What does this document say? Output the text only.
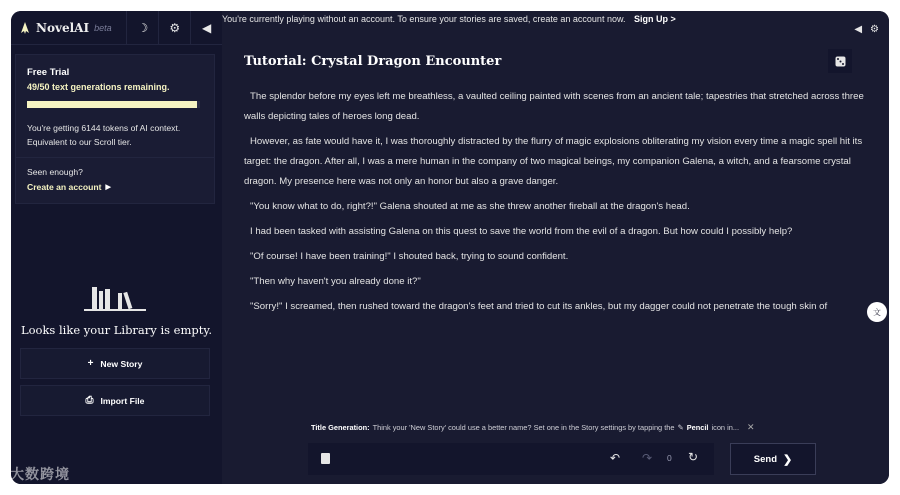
NovelAI beta ☽ ⚙ ◀
Free Trial
49/50 text generations remaining.
You're getting 6144 tokens of AI context. Equivalent to our Scroll tier.
Seen enough?
Create an account ▶
Looks like your Library is empty.
+ New Story
⎙ Import File
You're currently playing without an account. To ensure your stories are saved, create an account now. Sign Up >
◀ ⚙
Tutorial: Crystal Dragon Encounter

The splendor before my eyes left me breathless, a vaulted ceiling painted with scenes from an ancient tale; tapestries that stretched across three walls depicting tales of heroes long dead.

However, as fate would have it, I was thoroughly distracted by the flurry of magic explosions obliterating my vision every time a magic spell hit its target: the dragon. After all, I was a mere human in the company of two magical beings, my companion Galena, a witch, and a fearsome crystal dragon. My presence here was not only an honor but also a grave danger.

"You know what to do, right?!" Galena shouted at me as she threw another fireball at the dragon's head.

I had been tasked with assisting Galena on this quest to save the world from the evil of a dragon. But how could I possibly help?

"Of course! I have been training!" I shouted back, trying to sound confident.

"Then why haven't you already done it?"

"Sorry!" I screamed, then rushed toward the dragon's feet and tried to cut its ankles, but my dagger could not penetrate the tough skin of	文
Title Generation: Think your 'New Story' could use a better name? Set one in the Story settings by tapping the ✎ Pencil icon in... ✕
↶ ↷ 0 ↻	Send ❯
大数跨境
